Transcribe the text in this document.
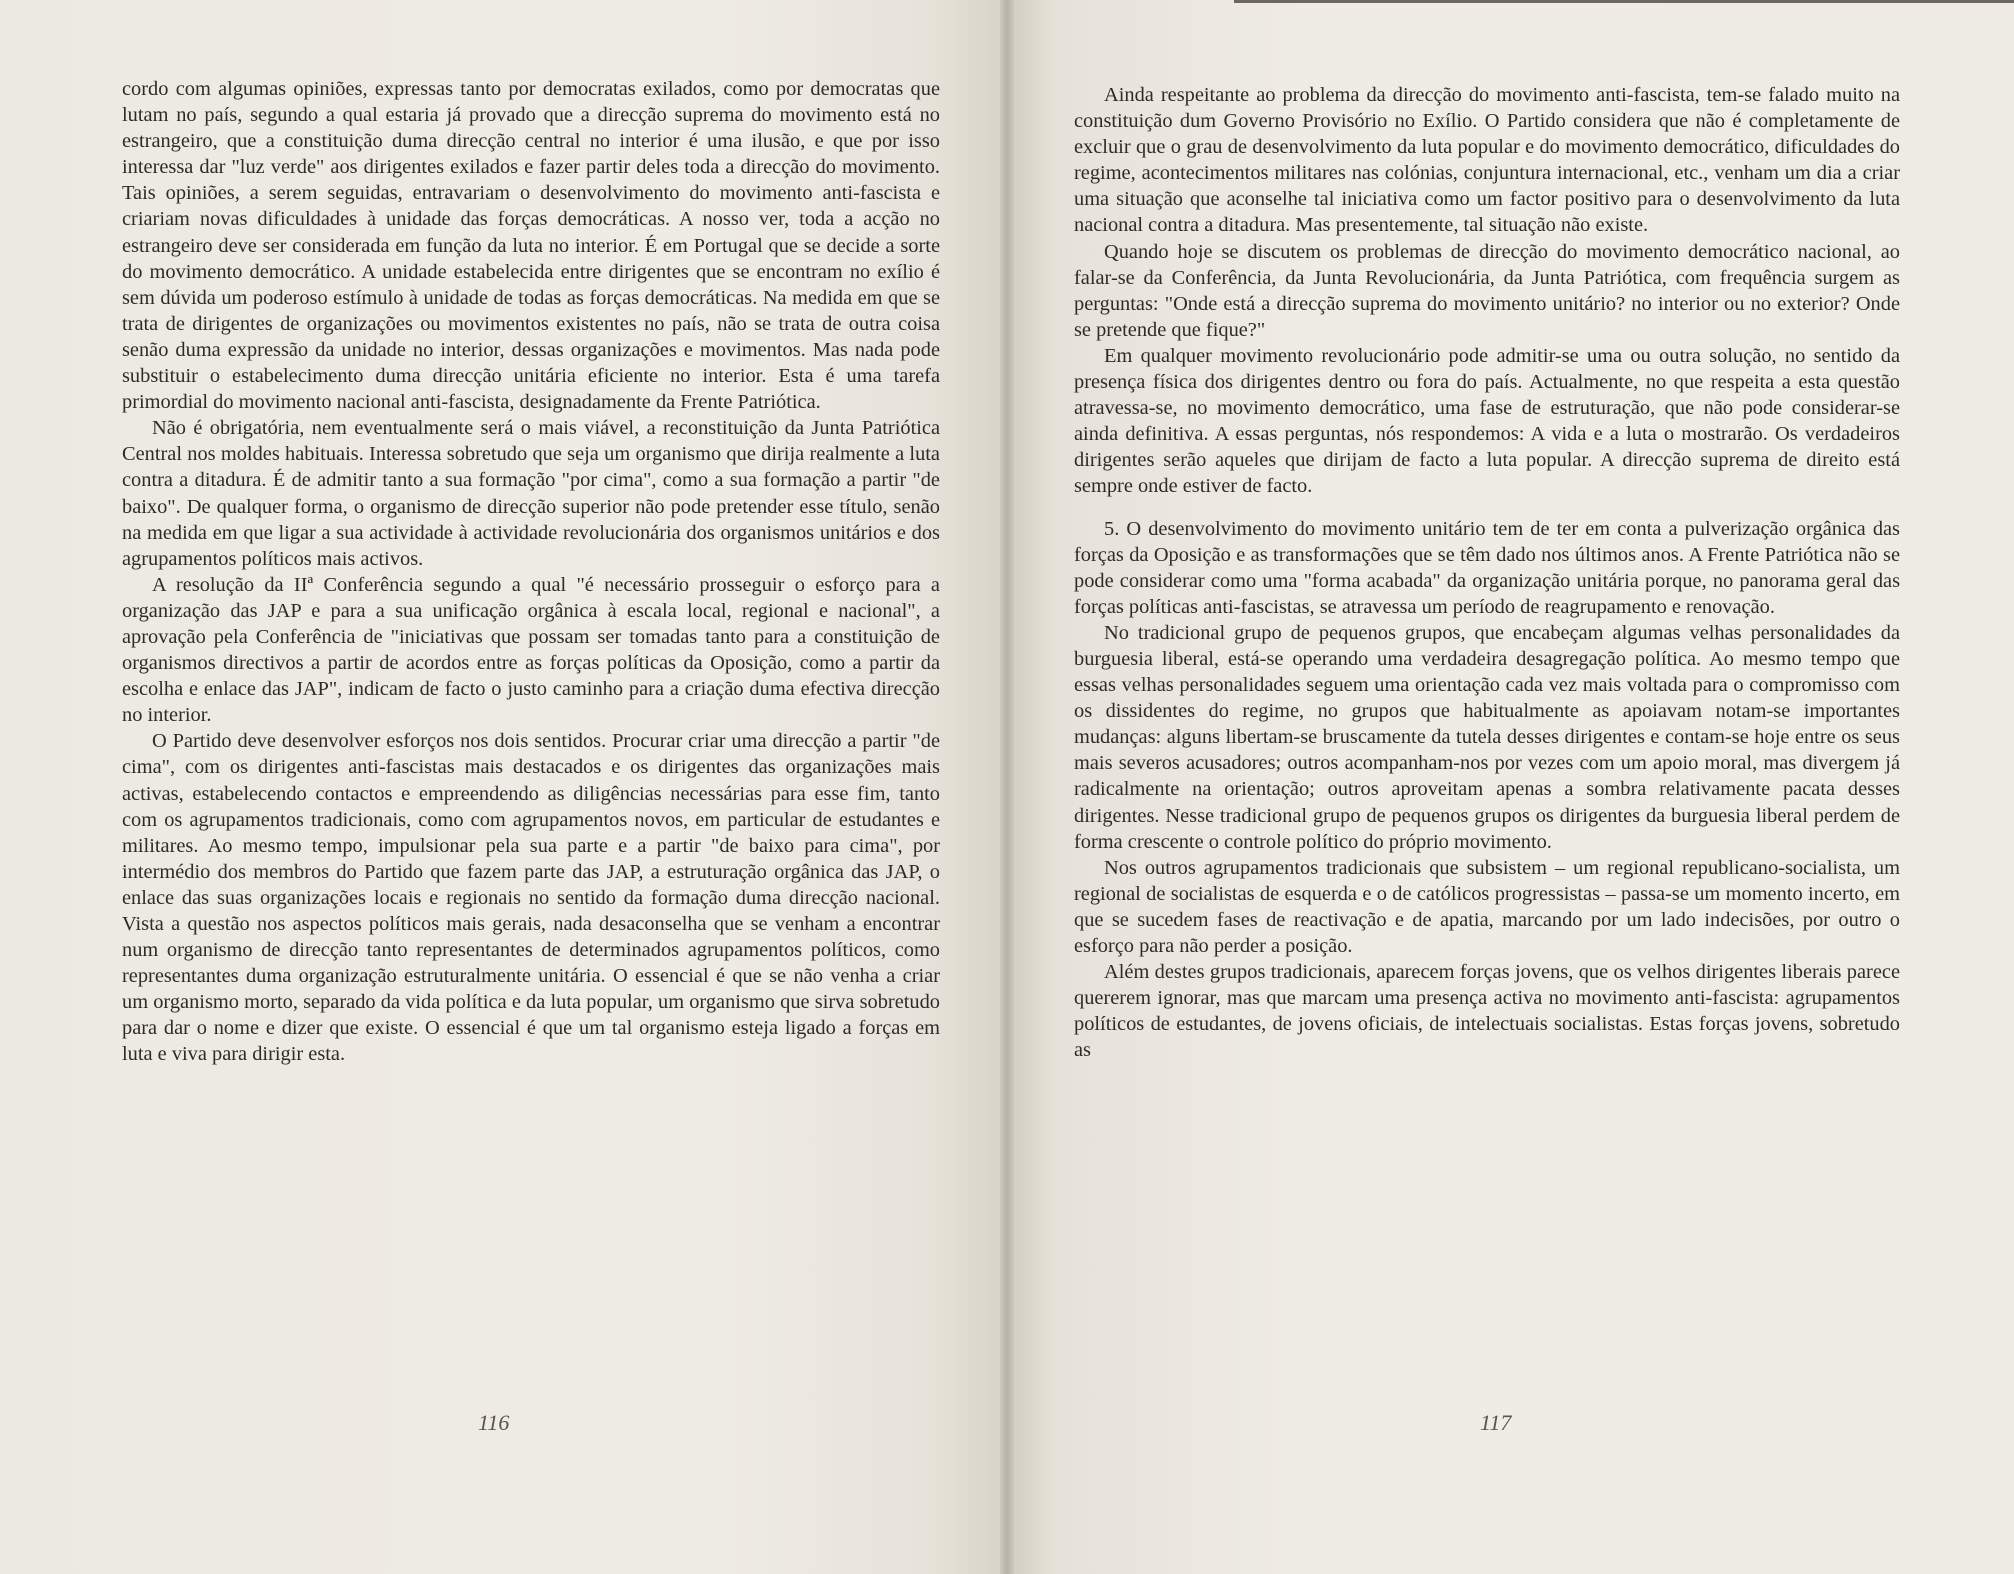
cordo com algumas opiniões, expressas tanto por democratas exilados, como por democratas que lutam no país, segundo a qual estaria já provado que a direcção suprema do movimento está no estrangeiro, que a constituição duma direcção central no interior é uma ilusão, e que por isso interessa dar "luz verde" aos dirigentes exilados e fazer partir deles toda a direcção do movimento. Tais opiniões, a serem seguidas, entravariam o desenvolvimento do movimento anti-fascista e criariam novas dificuldades à unidade das forças democráticas. A nosso ver, toda a acção no estrangeiro deve ser considerada em função da luta no interior. É em Portugal que se decide a sorte do movimento democrático. A unidade estabelecida entre dirigentes que se encontram no exílio é sem dúvida um poderoso estímulo à unidade de todas as forças democráticas. Na medida em que se trata de dirigentes de organizações ou movimentos existentes no país, não se trata de outra coisa senão duma expressão da unidade no interior, dessas organizações e movimentos. Mas nada pode substituir o estabelecimento duma direcção unitária eficiente no interior. Esta é uma tarefa primordial do movimento nacional anti-fascista, designadamente da Frente Patriótica.

Não é obrigatória, nem eventualmente será o mais viável, a reconstituição da Junta Patriótica Central nos moldes habituais. Interessa sobretudo que seja um organismo que dirija realmente a luta contra a ditadura. É de admitir tanto a sua formação "por cima", como a sua formação a partir "de baixo". De qualquer forma, o organismo de direcção superior não pode pretender esse título, senão na medida em que ligar a sua actividade à actividade revolucionária dos organismos unitários e dos agrupamentos políticos mais activos.

A resolução da IIª Conferência segundo a qual "é necessário prosseguir o esforço para a organização das JAP e para a sua unificação orgânica à escala local, regional e nacional", a aprovação pela Conferência de "iniciativas que possam ser tomadas tanto para a constituição de organismos directivos a partir de acordos entre as forças políticas da Oposição, como a partir da escolha e enlace das JAP", indicam de facto o justo caminho para a criação duma efectiva direcção no interior.

O Partido deve desenvolver esforços nos dois sentidos. Procurar criar uma direcção a partir "de cima", com os dirigentes anti-fascistas mais destacados e os dirigentes das organizações mais activas, estabelecendo contactos e empreendendo as diligências necessárias para esse fim, tanto com os agrupamentos tradicionais, como com agrupamentos novos, em particular de estudantes e militares. Ao mesmo tempo, impulsionar pela sua parte e a partir "de baixo para cima", por intermédio dos membros do Partido que fazem parte das JAP, a estruturação orgânica das JAP, o enlace das suas organizações locais e regionais no sentido da formação duma direcção nacional. Vista a questão nos aspectos políticos mais gerais, nada desaconselha que se venham a encontrar num organismo de direcção tanto representantes de determinados agrupamentos políticos, como representantes duma organização estruturalmente unitária. O essencial é que se não venha a criar um organismo morto, separado da vida política e da luta popular, um organismo que sirva sobretudo para dar o nome e dizer que existe. O essencial é que um tal organismo esteja ligado a forças em luta e viva para dirigir esta.

116

Ainda respeitante ao problema da direcção do movimento anti-fascista, tem-se falado muito na constituição dum Governo Provisório no Exílio. O Partido considera que não é completamente de excluir que o grau de desenvolvimento da luta popular e do movimento democrático, dificuldades do regime, acontecimentos militares nas colónias, conjuntura internacional, etc., venham um dia a criar uma situação que aconselhe tal iniciativa como um factor positivo para o desenvolvimento da luta nacional contra a ditadura. Mas presentemente, tal situação não existe.

Quando hoje se discutem os problemas de direcção do movimento democrático nacional, ao falar-se da Conferência, da Junta Revolucionária, da Junta Patriótica, com frequência surgem as perguntas: "Onde está a direcção suprema do movimento unitário? no interior ou no exterior? Onde se pretende que fique?"

Em qualquer movimento revolucionário pode admitir-se uma ou outra solução, no sentido da presença física dos dirigentes dentro ou fora do país. Actualmente, no que respeita a esta questão atravessa-se, no movimento democrático, uma fase de estruturação, que não pode considerar-se ainda definitiva. A essas perguntas, nós respondemos: A vida e a luta o mostrarão. Os verdadeiros dirigentes serão aqueles que dirijam de facto a luta popular. A direcção suprema de direito está sempre onde estiver de facto.

5. O desenvolvimento do movimento unitário tem de ter em conta a pulverização orgânica das forças da Oposição e as transformações que se têm dado nos últimos anos. A Frente Patriótica não se pode considerar como uma "forma acabada" da organização unitária porque, no panorama geral das forças políticas anti-fascistas, se atravessa um período de reagrupamento e renovação.

No tradicional grupo de pequenos grupos, que encabeçam algumas velhas personalidades da burguesia liberal, está-se operando uma verdadeira desagregação política. Ao mesmo tempo que essas velhas personalidades seguem uma orientação cada vez mais voltada para o compromisso com os dissidentes do regime, no grupos que habitualmente as apoiavam notam-se importantes mudanças: alguns libertam-se bruscamente da tutela desses dirigentes e contam-se hoje entre os seus mais severos acusadores; outros acompanham-nos por vezes com um apoio moral, mas divergem já radicalmente na orientação; outros aproveitam apenas a sombra relativamente pacata desses dirigentes. Nesse tradicional grupo de pequenos grupos os dirigentes da burguesia liberal perdem de forma crescente o controle político do próprio movimento.

Nos outros agrupamentos tradicionais que subsistem – um regional republicano-socialista, um regional de socialistas de esquerda e o de católicos progressistas – passa-se um momento incerto, em que se sucedem fases de reactivação e de apatia, marcando por um lado indecisões, por outro o esforço para não perder a posição.

Além destes grupos tradicionais, aparecem forças jovens, que os velhos dirigentes liberais parece quererem ignorar, mas que marcam uma presença activa no movimento anti-fascista: agrupamentos políticos de estudantes, de jovens oficiais, de intelectuais socialistas. Estas forças jovens, sobretudo as

117
